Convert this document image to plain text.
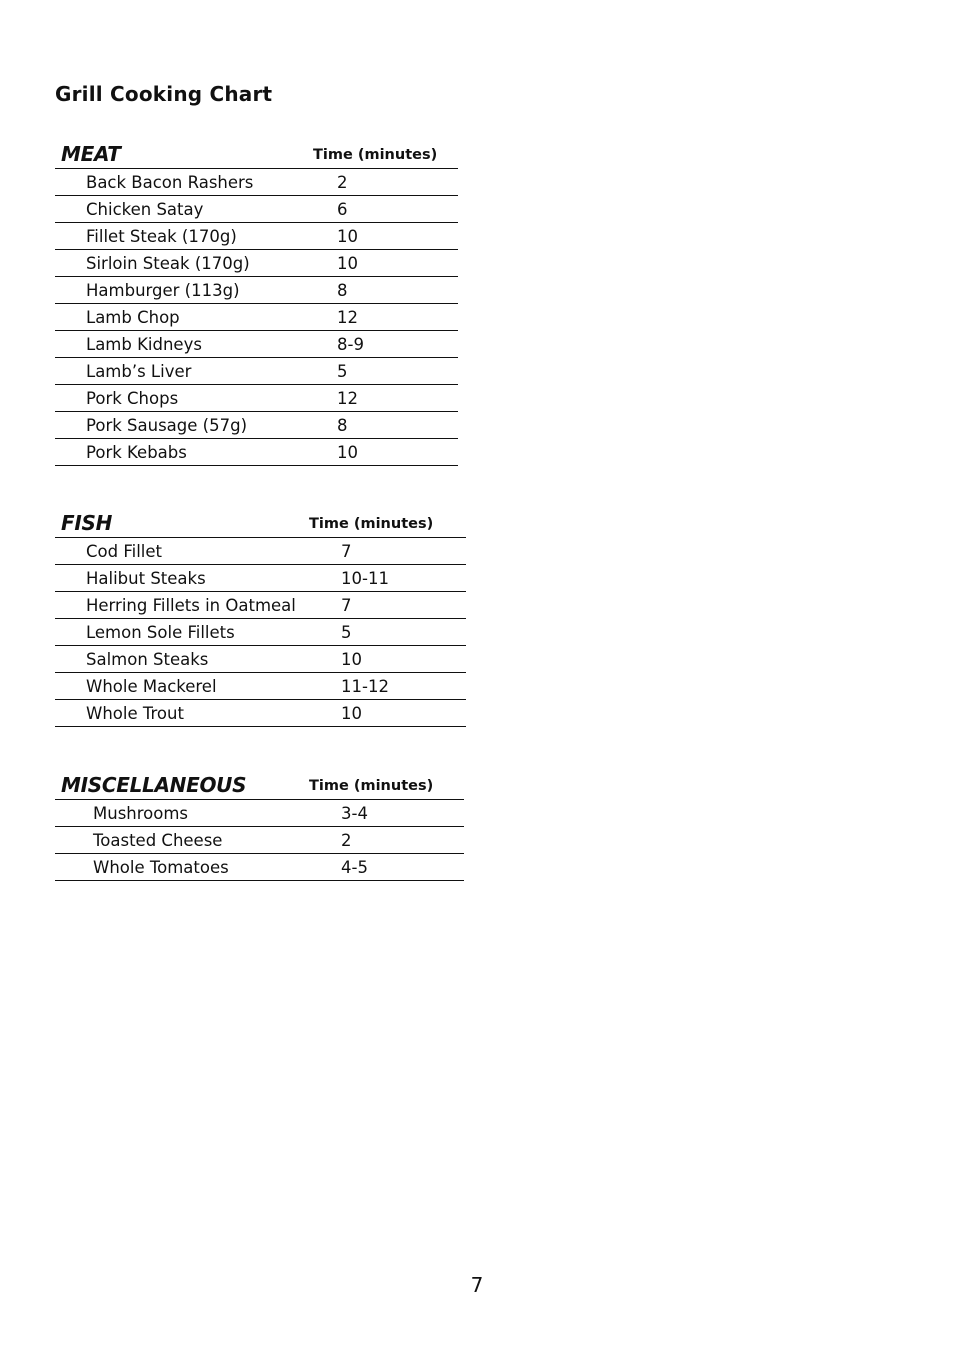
Grill Cooking Chart
MEAT	Time (minutes)
Back Bacon Rashers	2
Chicken Satay	6
Fillet Steak (170g)	10
Sirloin Steak (170g)	10
Hamburger (113g)	8
Lamb Chop	12
Lamb Kidneys	8-9
Lamb’s Liver	5
Pork Chops	12
Pork Sausage (57g)	8
Pork Kebabs	10
FISH	Time (minutes)
Cod Fillet	7
Halibut Steaks	10-11
Herring Fillets in Oatmeal	7
Lemon Sole Fillets	5
Salmon Steaks	10
Whole Mackerel	11-12
Whole Trout	10
MISCELLANEOUS	Time (minutes)
Mushrooms	3-4
Toasted Cheese	2
Whole Tomatoes	4-5
7
